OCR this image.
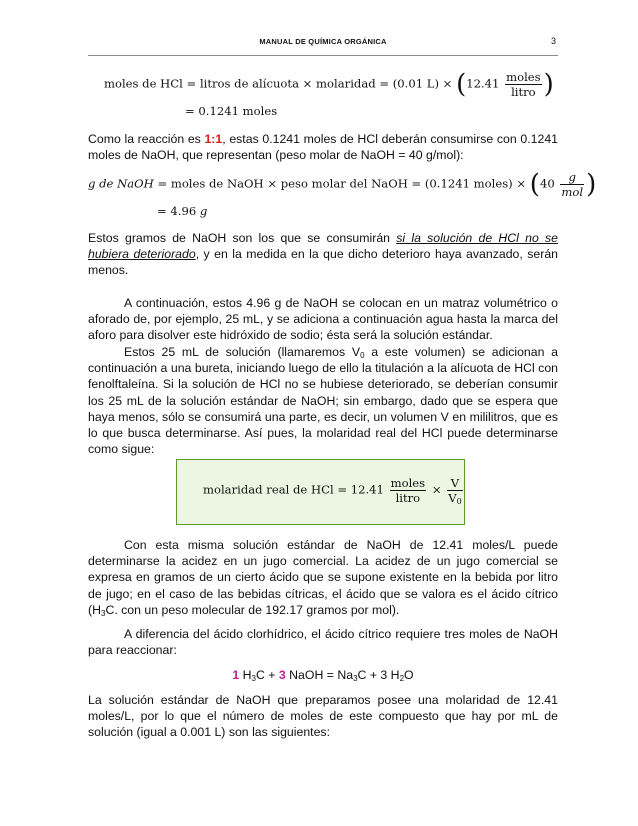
MANUAL DE QUÍMICA ORGÁNICA	3
moles de HCl = litros de alícuota × molaridad = (0.01 $L) \times (12.41 \frac{\text{moles}}{\text{litro}}$ )
= 0.1241 moles
Como la reacción es 1:1, estas 0.1241 moles de HCl deberán consumirse con 0.1241 moles de NaOH, que representan (peso molar de NaOH = 40 g/mol):
g de NaOH = moles de NaOH × peso molar del NaOH = (0.1241 moles) × ($40 \frac{g}{\text{mol}}$ )
= 4.96 g
Estos gramos de NaOH son los que se consumirán si la solución de HCl no se hubiera deteriorado, y en la medida en la que dicho deterioro haya avanzado, serán menos.
A continuación, estos 4.96 g de NaOH se colocan en un matraz volumétrico o aforado de, por ejemplo, 25 mL, y se adiciona a continuación agua hasta la marca del aforo para disolver este hidróxido de sodio; ésta será la solución estándar.
Estos 25 mL de solución (llamaremos $V_0$ a este volumen) se adicionan a continuación a una bureta, iniciando luego de ello la titulación a la alícuota de HCl con fenolftaleína. Si la solución de HCl no se hubiese deteriorado, se deberían consumir los 25 mL de la solución estándar de NaOH; sin embargo, dado que se espera que haya menos, sólo se consumirá una parte, es decir, un volumen V en mililitros, que es lo que busca determinarse. Así pues, la molaridad real del HCl puede determinarse como sigue:
molaridad real de HCl = $12.41 \frac{\text{moles}}{\text{litro}} \times \frac{V}{V_0}$
Con esta misma solución estándar de NaOH de 12.41 moles/L puede determinarse la acidez en un jugo comercial. La acidez de un jugo comercial se expresa en gramos de un cierto ácido que se supone existente en la bebida por litro de jugo; en el caso de las bebidas cítricas, el ácido que se valora es el ácido cítrico ($H_3C$. con un peso molecular de 192.17 gramos por mol).
A diferencia del ácido clorhídrico, el ácido cítrico requiere tres moles de NaOH para reaccionar:
1 $H_3C + 3$ NaOH = $Na_3C + 3$ $H_2O$
La solución estándar de NaOH que preparamos posee una molaridad de 12.41 moles/L, por lo que el número de moles de este compuesto que hay por mL de solución (igual a 0.001 L) son las siguientes:
